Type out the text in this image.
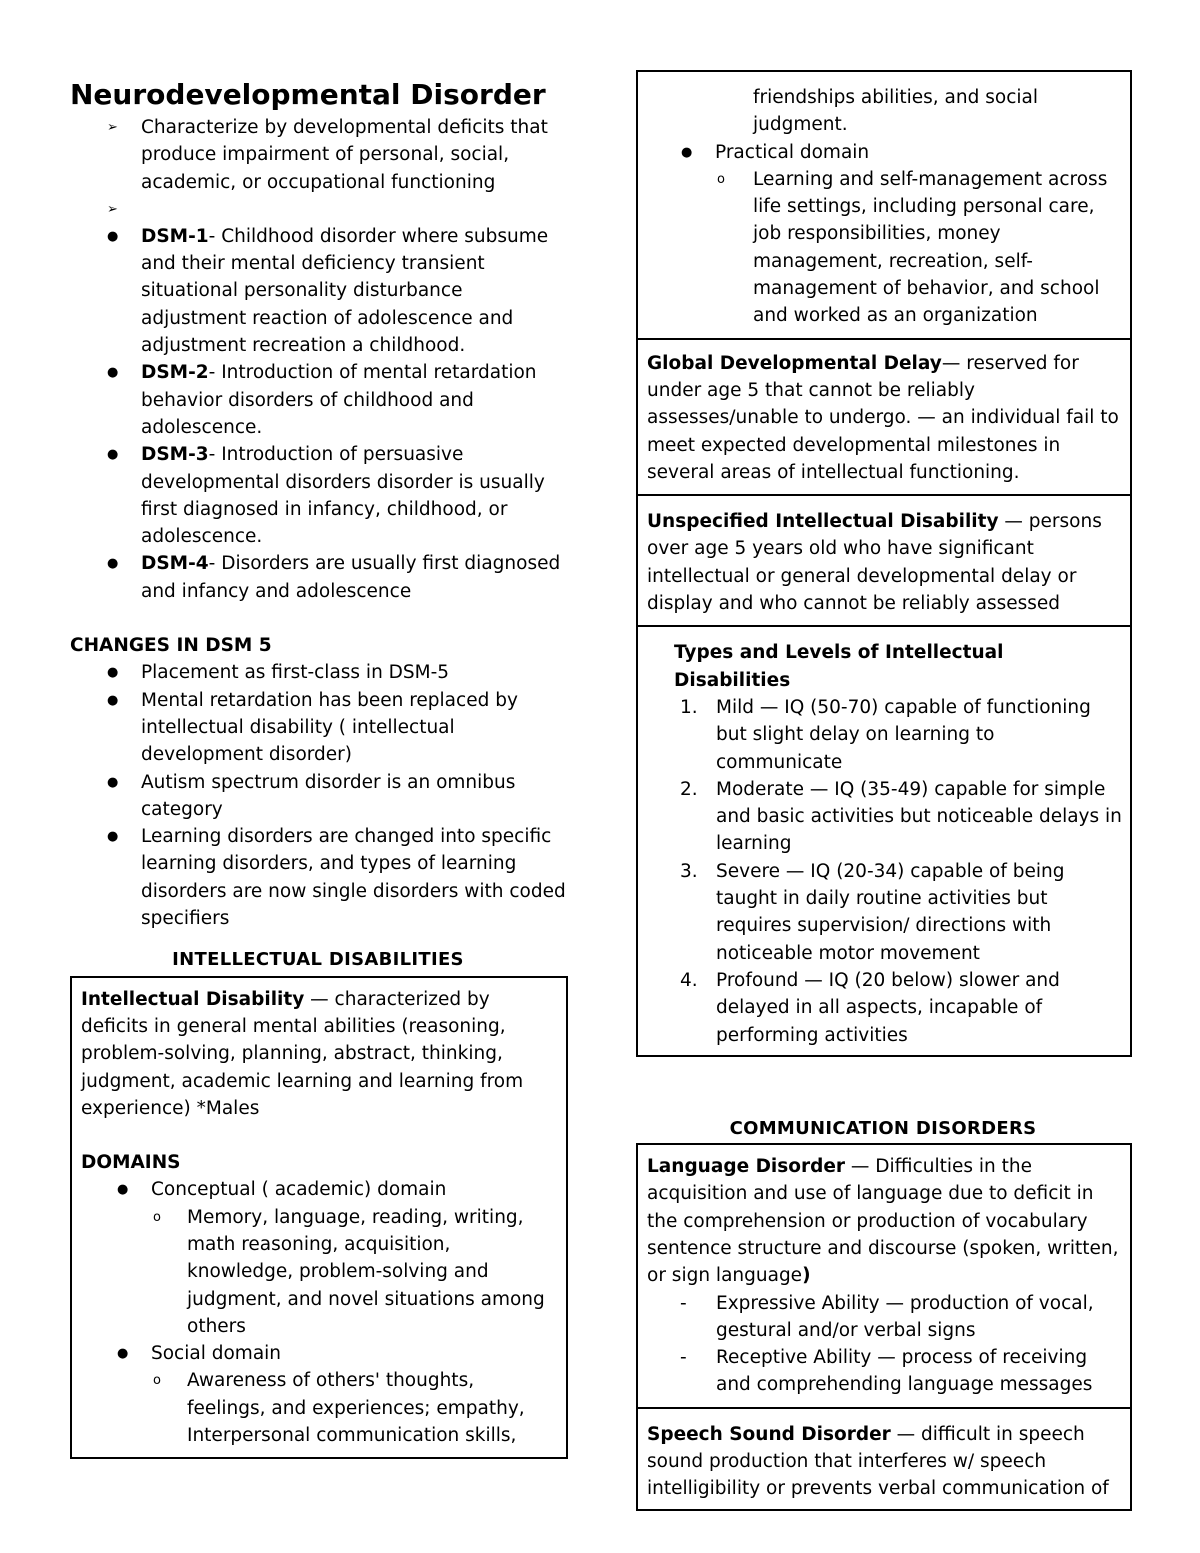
Neurodevelopmental Disorder
➢ Characterize by developmental deficits that produce impairment of personal, social, academic, or occupational functioning
➢
● DSM-1- Childhood disorder where subsume and their mental deficiency transient situational personality disturbance adjustment reaction of adolescence and adjustment recreation a childhood.
● DSM-2- Introduction of mental retardation behavior disorders of childhood and adolescence.
● DSM-3- Introduction of persuasive developmental disorders disorder is usually first diagnosed in infancy, childhood, or adolescence.
● DSM-4- Disorders are usually first diagnosed and infancy and adolescence
CHANGES IN DSM 5
● Placement as first-class in DSM-5
● Mental retardation has been replaced by intellectual disability ( intellectual development disorder)
● Autism spectrum disorder is an omnibus category
● Learning disorders are changed into specific learning disorders, and types of learning disorders are now single disorders with coded specifiers
INTELLECTUAL DISABILITIES
Intellectual Disability — characterized by deficits in general mental abilities (reasoning, problem-solving, planning, abstract, thinking, judgment, academic learning and learning from experience) *Males
DOMAINS
● Conceptual ( academic) domain
o Memory, language, reading, writing, math reasoning, acquisition, knowledge, problem-solving and judgment, and novel situations among others
● Social domain
o Awareness of others' thoughts, feelings, and experiences; empathy, Interpersonal communication skills,
friendships abilities, and social judgment.
● Practical domain
o Learning and self-management across life settings, including personal care, job responsibilities, money management, recreation, self-management of behavior, and school and worked as an organization
Global Developmental Delay— reserved for under age 5 that cannot be reliably assesses/unable to undergo. — an individual fail to meet expected developmental milestones in several areas of intellectual functioning.
Unspecified Intellectual Disability — persons over age 5 years old who have significant intellectual or general developmental delay or display and who cannot be reliably assessed
Types and Levels of Intellectual Disabilities
1. Mild — IQ (50-70) capable of functioning but slight delay on learning to communicate
2. Moderate — IQ (35-49) capable for simple and basic activities but noticeable delays in learning
3. Severe — IQ (20-34) capable of being taught in daily routine activities but requires supervision/ directions with noticeable motor movement
4. Profound — IQ (20 below) slower and delayed in all aspects, incapable of performing activities
COMMUNICATION DISORDERS
Language Disorder — Difficulties in the acquisition and use of language due to deficit in the comprehension or production of vocabulary sentence structure and discourse (spoken, written, or sign language)
- Expressive Ability — production of vocal, gestural and/or verbal signs
- Receptive Ability — process of receiving and comprehending language messages
Speech Sound Disorder — difficult in speech sound production that interferes w/ speech intelligibility or prevents verbal communication of
